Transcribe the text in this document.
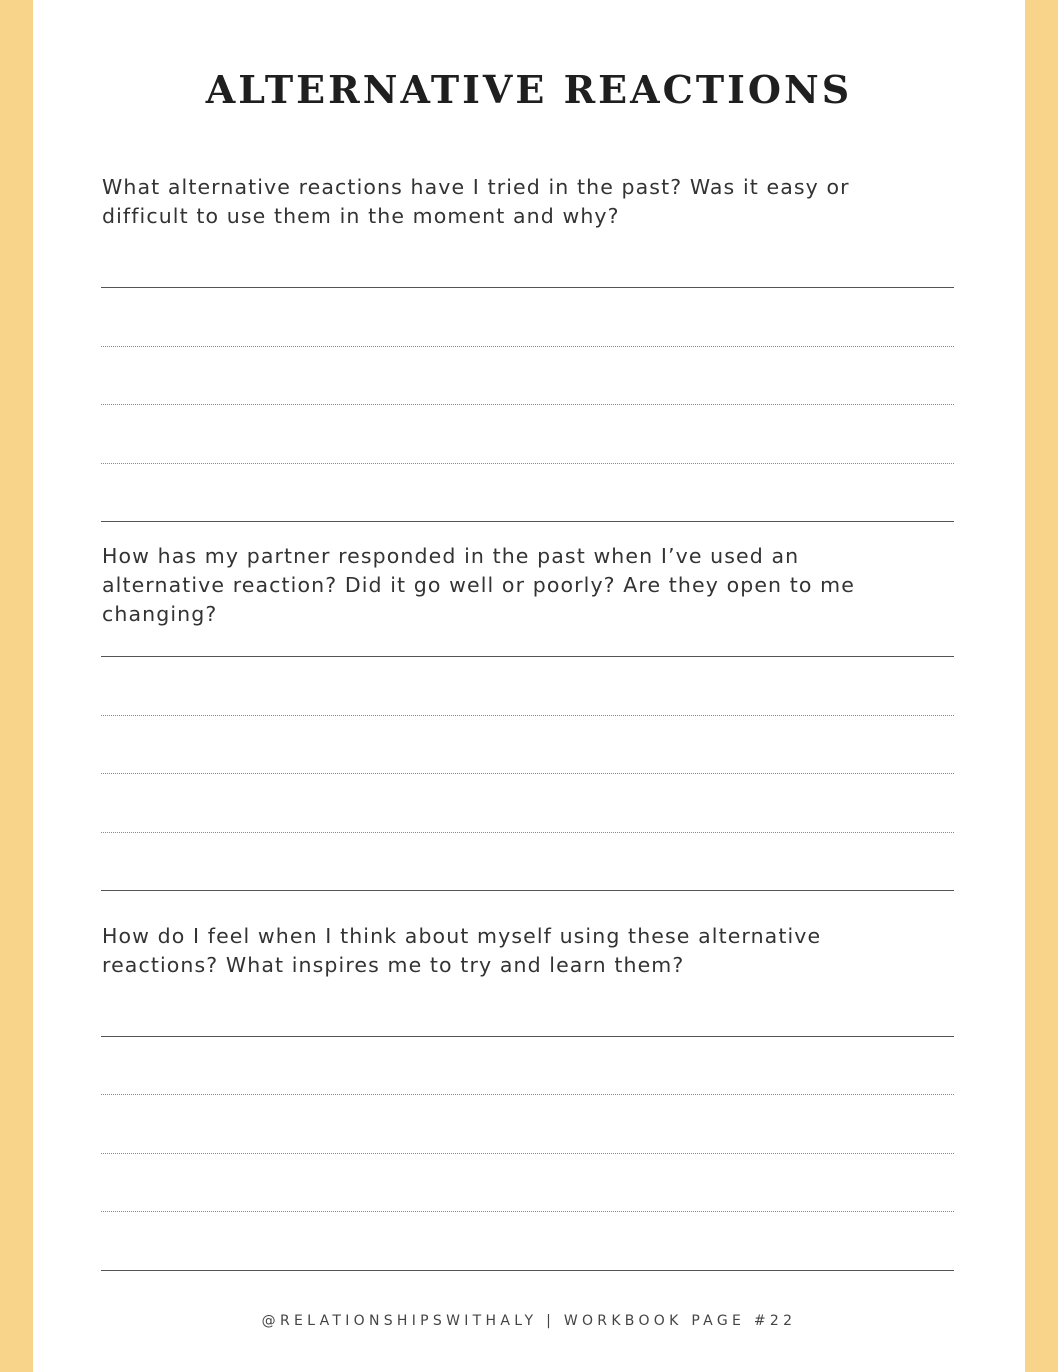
ALTERNATIVE REACTIONS
What alternative reactions have I tried in the past? Was it easy or difficult to use them in the moment and why?
How has my partner responded in the past when I’ve used an alternative reaction? Did it go well or poorly? Are they open to me changing?
How do I feel when I think about myself using these alternative reactions? What inspires me to try and learn them?
@RELATIONSHIPSWITHALY | WORKBOOK PAGE #22
